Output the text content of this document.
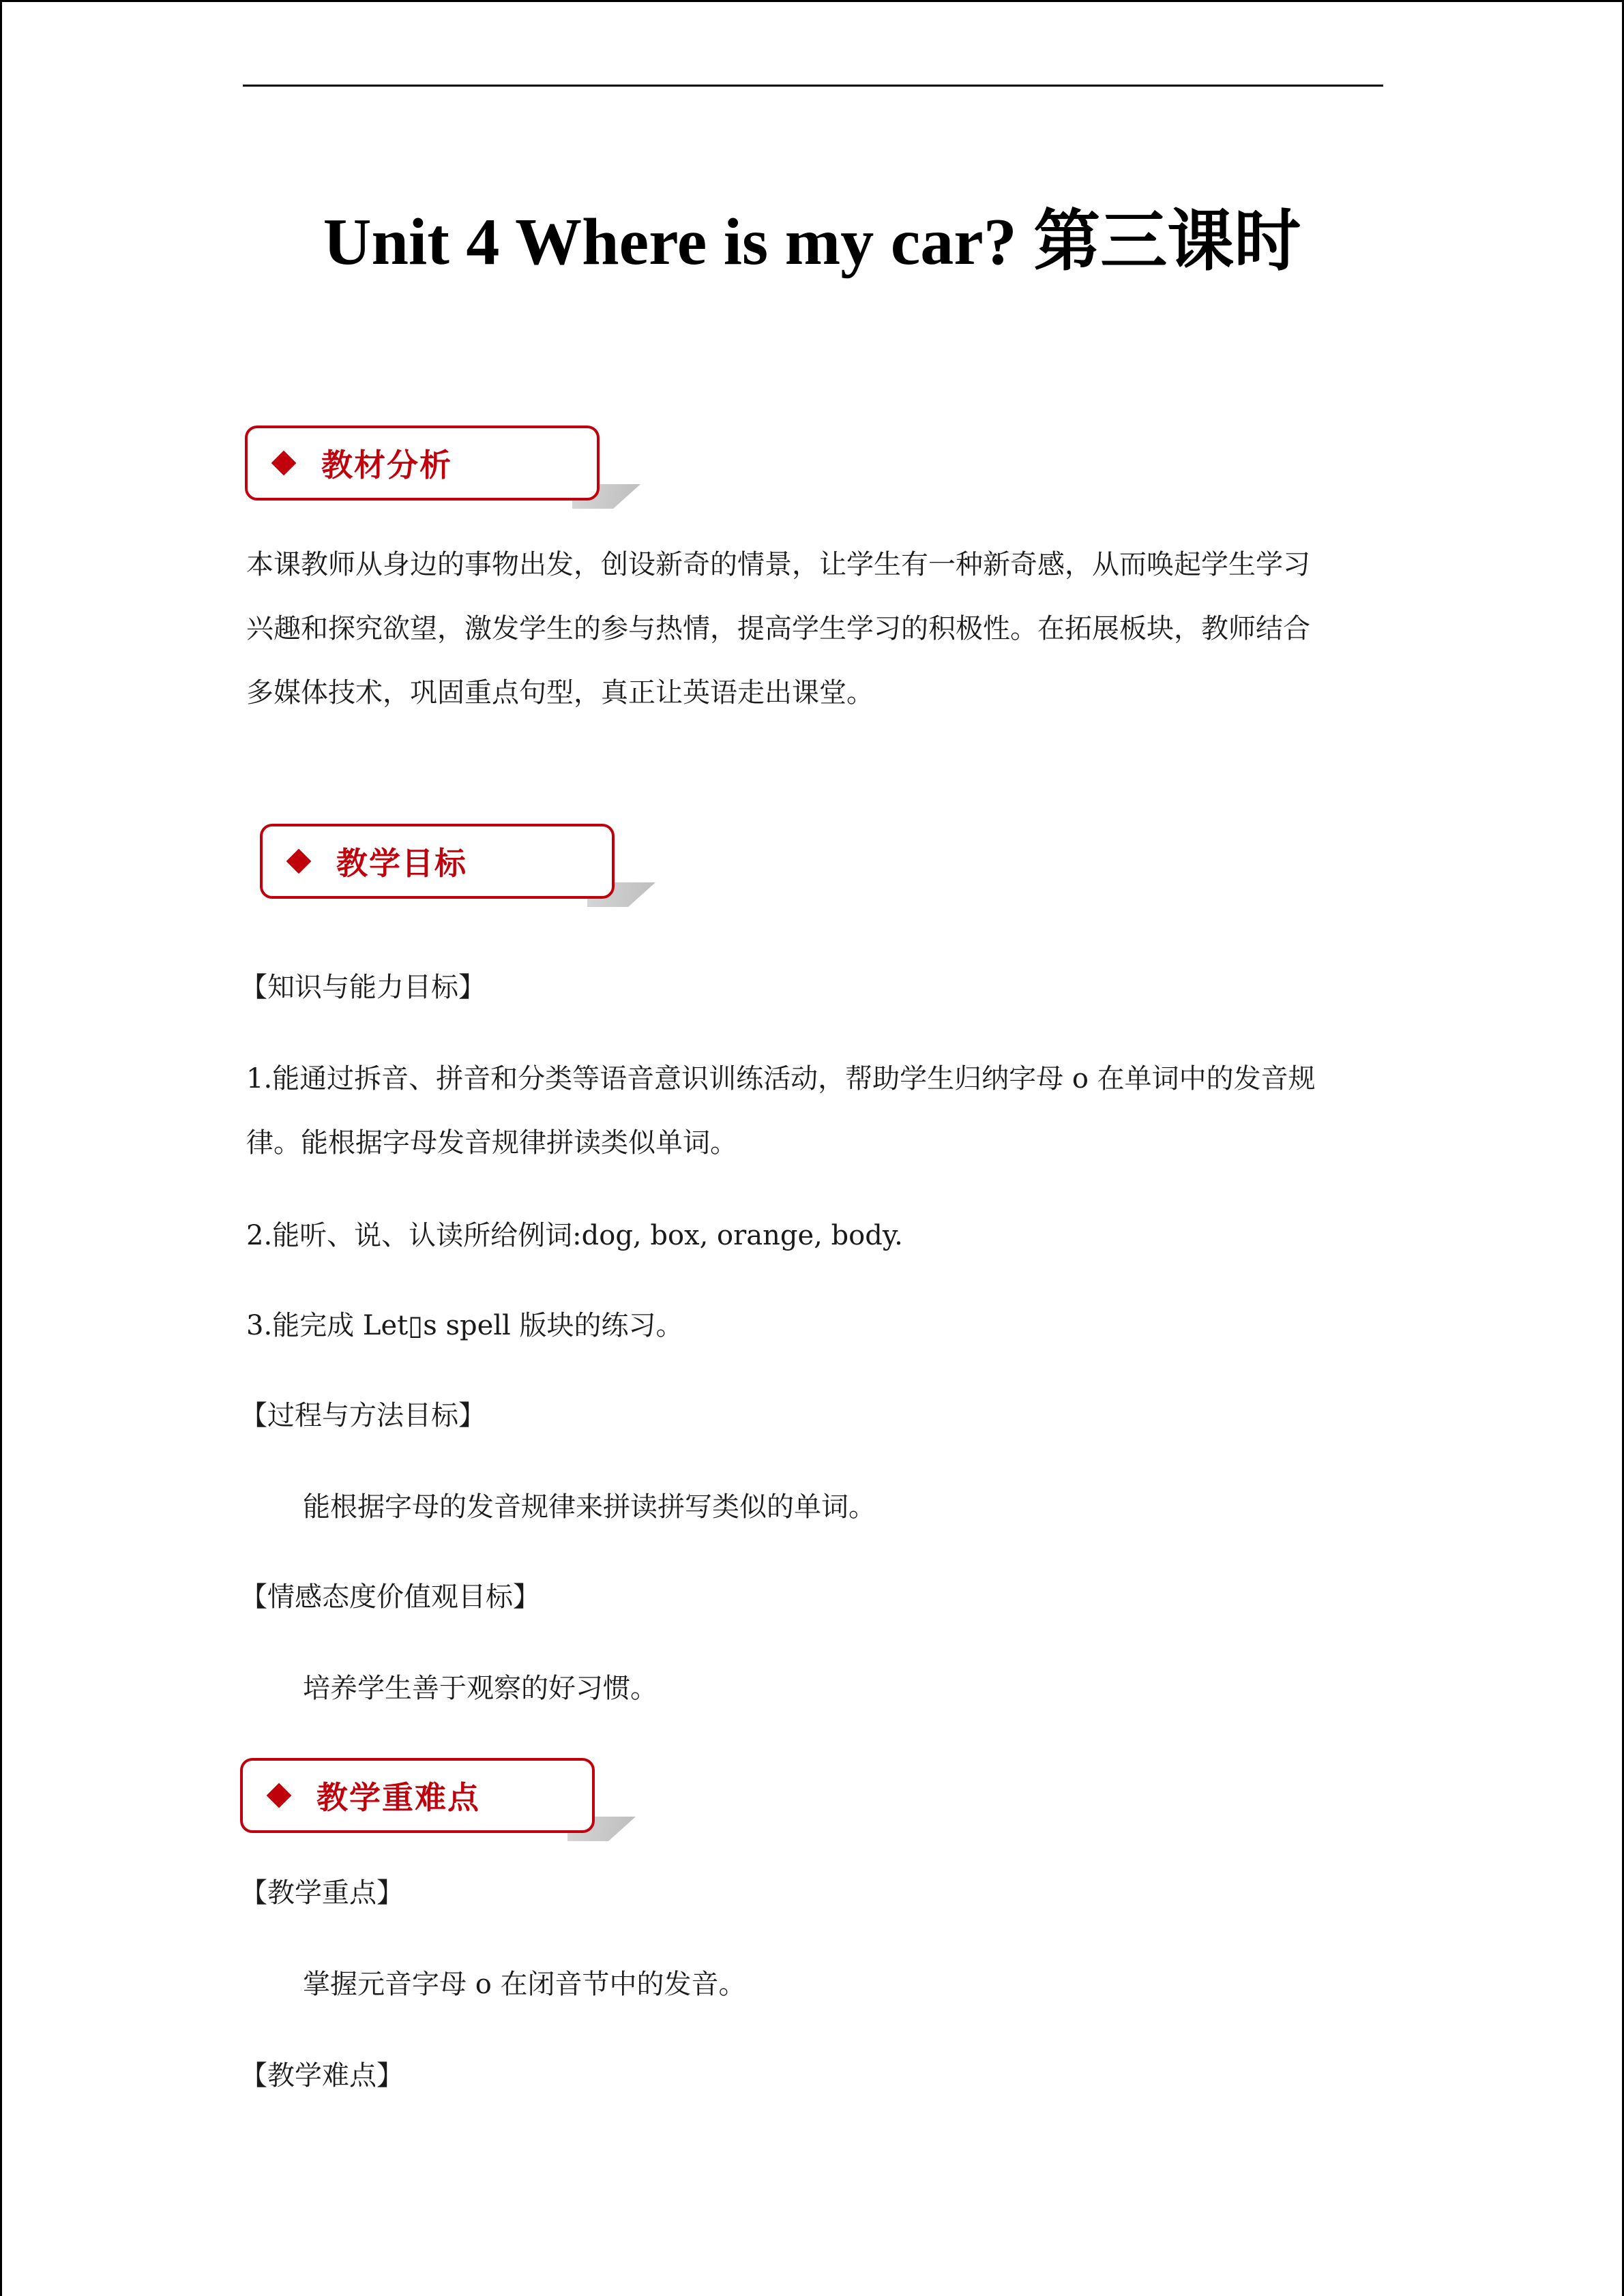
Unit 4 Where is my car? 第三课时
教材分析
本课教师从身边的事物出发，创设新奇的情景，让学生有一种新奇感，从而唤起学生学习
兴趣和探究欲望，激发学生的参与热情，提高学生学习的积极性。在拓展板块，教师结合
多媒体技术，巩固重点句型，真正让英语走出课堂。
教学目标
【知识与能力目标】
1.能通过拆音、拼音和分类等语音意识训练活动，帮助学生归纳字母 o 在单词中的发音规
律。能根据字母发音规律拼读类似单词。
2.能听、说、认读所给例词:dog, box, orange, body.
3.能完成 Let▯s spell 版块的练习。
【过程与方法目标】
能根据字母的发音规律来拼读拼写类似的单词。
【情感态度价值观目标】
培养学生善于观察的好习惯。
教学重难点
【教学重点】
掌握元音字母 o 在闭音节中的发音。
【教学难点】
